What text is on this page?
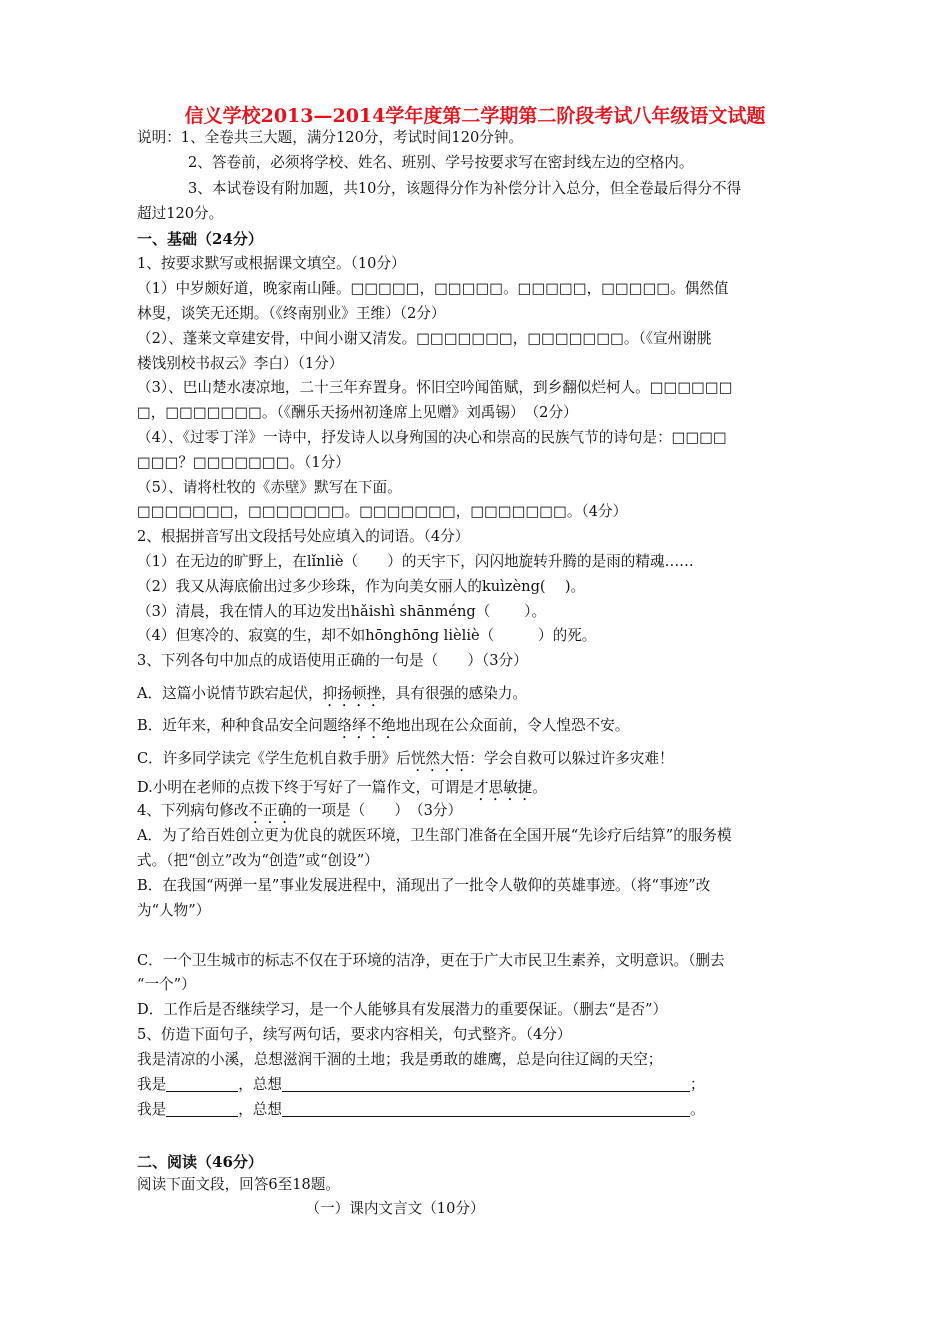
信义学校2013—2014学年度第二学期第二阶段考试八年级语文试题
说明：1、全卷共三大题，满分120分，考试时间120分钟。
2、答卷前，必须将学校、姓名、班别、学号按要求写在密封线左边的空格内。
3、本试卷设有附加题，共10分，该题得分作为补偿分计入总分，但全卷最后得分不得
超过120分。
一、基础（24分）
1、按要求默写或根据课文填空。（10分）
（1）中岁颇好道，晚家南山陲。□□□□□，□□□□□。□□□□□，□□□□□。偶然值
林叟，谈笑无还期。（《终南别业》王维）（2分）
（2）、蓬莱文章建安骨，中间小谢又清发。□□□□□□□，□□□□□□□。（《宣州谢朓
楼饯别校书叔云》李白）（1分）
（3）、巴山楚水凄凉地，二十三年弃置身。怀旧空吟闻笛赋，到乡翻似烂柯人。□□□□□□
□，□□□□□□□。（《酬乐天扬州初逢席上见赠》刘禹锡）　（2分）
（4）、《过零丁洋》一诗中，抒发诗人以身殉国的决心和崇高的民族气节的诗句是：□□□□
□□□？□□□□□□□。（1分）
（5）、请将杜牧的《赤壁》默写在下面。
□□□□□□□，□□□□□□□。□□□□□□□，□□□□□□□。（4分）
2、根据拼音写出文段括号处应填入的词语。（4分）
（1）在无边的旷野上，在lǐnliè（　　）的天宇下，闪闪地旋转升腾的是雨的精魂……
（2）我又从海底偷出过多少珍珠，作为向美女丽人的kuìzèng(　 )。
（3）清晨，我在情人的耳边发出hǎishì shānméng（　　 ）。
（4）但寒冷的、寂寞的生，却不如hōnghōng lièliè（　　　）的死。
3、下列各句中加点的成语使用正确的一句是（　　）（3分）
A．这篇小说情节跌宕起伏，抑扬顿挫，具有很强的感染力。
B．近年来，种种食品安全问题络绎不绝地出现在公众面前，令人惶恐不安。
C．许多同学读完《学生危机自救手册》后恍然大悟：学会自救可以躲过许多灾难！
D.小明在老师的点拨下终于写好了一篇作文，可谓是才思敏捷。
4、下列病句修改不正确的一项是（　　）　（3分）
A．为了给百姓创立更为优良的就医环境，卫生部门准备在全国开展“先诊疗后结算”的服务模
式。（把“创立”改为“创造”或“创设”）
B．在我国“两弹一星”事业发展进程中，涌现出了一批令人敬仰的英雄事迹。（将“事迹”改
为“人物”）
C．一个卫生城市的标志不仅在于环境的洁净，更在于广大市民卫生素养，文明意识。（删去
“一个”）
D．工作后是否继续学习，是一个人能够具有发展潜力的重要保证。（删去“是否”）
5、仿造下面句子，续写两句话，要求内容相关，句式整齐。（4分）
我是清凉的小溪，总想滋润干涸的土地；我是勇敢的雄鹰，总是向往辽阔的天空；
我是	，总想	；
我是	，总想	。
二、阅读（46分）
阅读下面文段，回答6至18题。
（一）课内文言文（10分）
